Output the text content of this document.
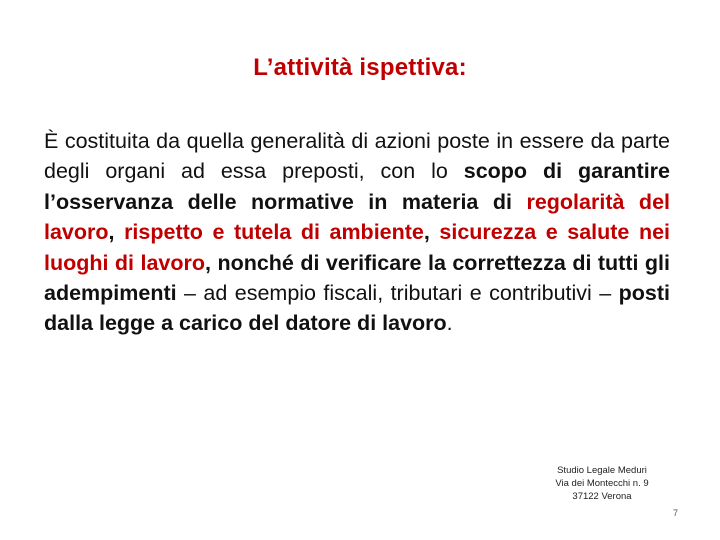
L’attività ispettiva:
È costituita da quella generalità di azioni poste in essere da parte degli organi ad essa preposti, con lo scopo di garantire l’osservanza delle normative in materia di regolarità del lavoro, rispetto e tutela di ambiente, sicurezza e salute nei luoghi di lavoro, nonché di verificare la correttezza di tutti gli adempimenti – ad esempio fiscali, tributari e contributivi – posti dalla legge a carico del datore di lavoro.
Studio Legale Meduri
Via dei Montecchi n. 9
37122 Verona
7
